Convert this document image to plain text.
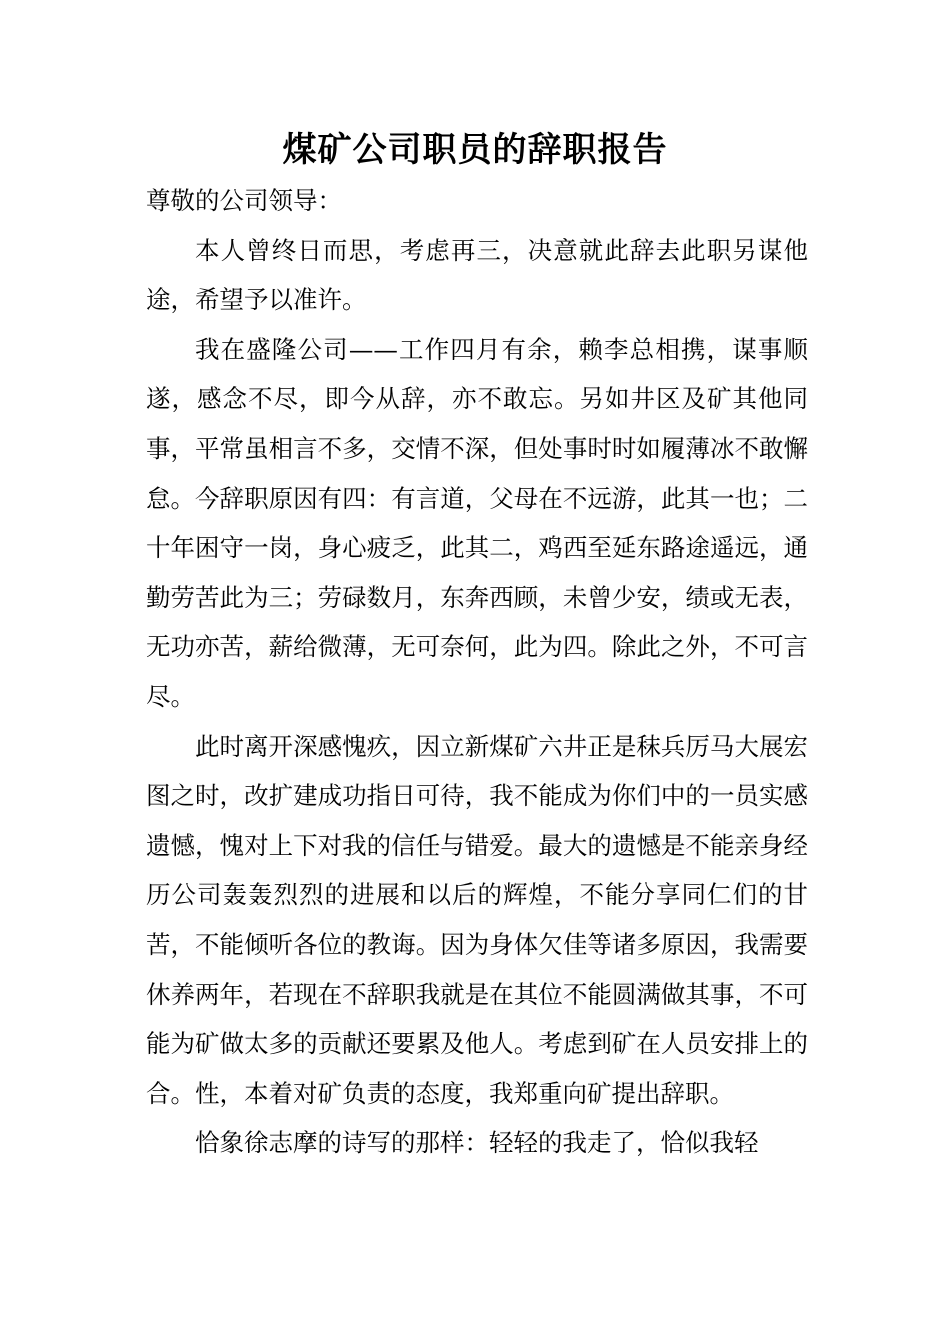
煤矿公司职员的辞职报告

尊敬的公司领导：

本人曾终日而思，考虑再三，决意就此辞去此职另谋他途，希望予以准许。

我在盛隆公司——工作四月有余，赖李总相携，谋事顺遂，感念不尽，即今从辞，亦不敢忘。另如井区及矿其他同事，平常虽相言不多，交情不深，但处事时时如履薄冰不敢懈怠。今辞职原因有四：有言道，父母在不远游，此其一也；二十年困守一岗，身心疲乏，此其二，鸡西至延东路途遥远，通勤劳苦此为三；劳碌数月，东奔西顾，未曾少安，绩或无表，无功亦苦，薪给微薄，无可奈何，此为四。除此之外，不可言尽。

此时离开深感愧疚，因立新煤矿六井正是秣兵厉马大展宏图之时，改扩建成功指日可待，我不能成为你们中的一员实感遗憾，愧对上下对我的信任与错爱。最大的遗憾是不能亲身经历公司轰轰烈烈的进展和以后的辉煌，不能分享同仁们的甘苦，不能倾听各位的教诲。因为身体欠佳等诸多原因，我需要休养两年，若现在不辞职我就是在其位不能圆满做其事，不可能为矿做太多的贡献还要累及他人。考虑到矿在人员安排上的合。性，本着对矿负责的态度，我郑重向矿提出辞职。

恰象徐志摩的诗写的那样：轻轻的我走了，恰似我轻
